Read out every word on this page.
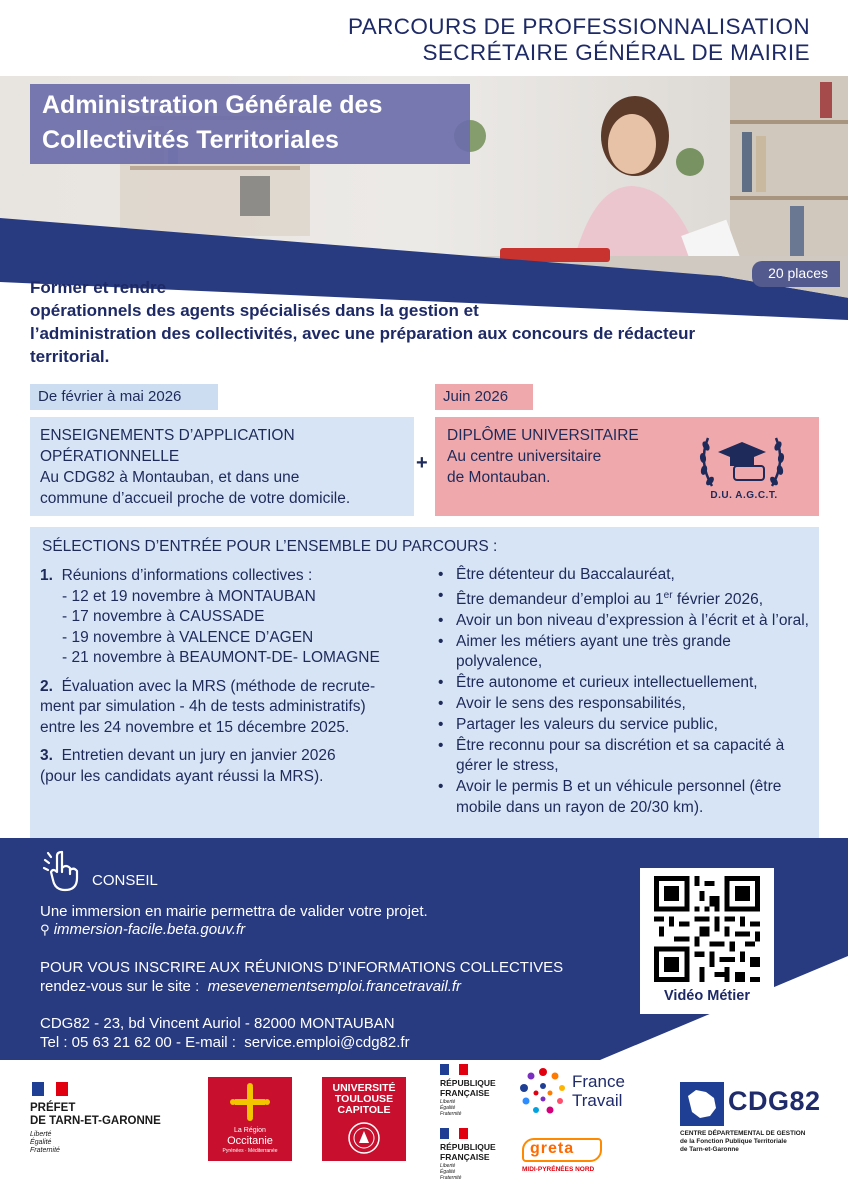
PARCOURS DE PROFESSIONNALISATION
SECRÉTAIRE GÉNÉRAL DE MAIRIE
Administration Générale des
Collectivités Territoriales
20 places
Former et rendre
opérationnels des agents spécialisés dans la gestion et
l’administration des collectivités, avec une préparation aux concours de rédacteur
territorial.
De février à mai 2026	Juin 2026
ENSEIGNEMENTS D’APPLICATION
OPÉRATIONNELLE
Au CDG82 à Montauban, et dans une
commune d’accueil proche de votre domicile.
+
DIPLÔME UNIVERSITAIRE
Au centre universitaire
de Montauban.
D.U. A.G.C.T.
SÉLECTIONS D’ENTRÉE POUR L’ENSEMBLE DU PARCOURS :
1. Réunions d’informations collectives :
- 12 et 19 novembre à MONTAUBAN
- 17 novembre à CAUSSADE
- 19 novembre à VALENCE D’AGEN
- 21 novembre à BEAUMONT-DE- LOMAGNE
2. Évaluation avec la MRS (méthode de recrute-
ment par simulation - 4h de tests administratifs)
entre les 24 novembre et 15 décembre 2025.
3. Entretien devant un jury en janvier 2026
(pour les candidats ayant réussi la MRS).
• Être détenteur du Baccalauréat,
• Être demandeur d’emploi au 1er février 2026,
• Avoir un bon niveau d’expression à l’écrit et à l’oral,
• Aimer les métiers ayant une très grande polyvalence,
• Être autonome et curieux intellectuellement,
• Avoir le sens des responsabilités,
• Partager les valeurs du service public,
• Être reconnu pour sa discrétion et sa capacité à gérer le stress,
• Avoir le permis B et un véhicule personnel (être mobile dans un rayon de 20/30 km).
CONSEIL
Une immersion en mairie permettra de valider votre projet.
⚲ immersion-facile.beta.gouv.fr
POUR VOUS INSCRIRE AUX RÉUNIONS D’INFORMATIONS COLLECTIVES
rendez-vous sur le site : mesevenementsemploi.francetravail.fr
CDG82 - 23, bd Vincent Auriol - 82000 MONTAUBAN
Tel : 05 63 21 62 00 - E-mail : service.emploi@cdg82.fr
Vidéo Métier
PRÉFET
DE TARN-ET-GARONNE
Liberté
Égalité
Fraternité
La Région
Occitanie
Pyrénées · Méditerranée
UNIVERSITÉ
TOULOUSE
CAPITOLE
RÉPUBLIQUE
FRANÇAISE
Liberté
Égalité
Fraternité
France
Travail
RÉPUBLIQUE
FRANÇAISE
Liberté
Égalité
Fraternité
greta
MIDI-PYRÉNÉES NORD
CDG82
CENTRE DÉPARTEMENTAL DE GESTION
de la Fonction Publique Territoriale
de Tarn-et-Garonne
